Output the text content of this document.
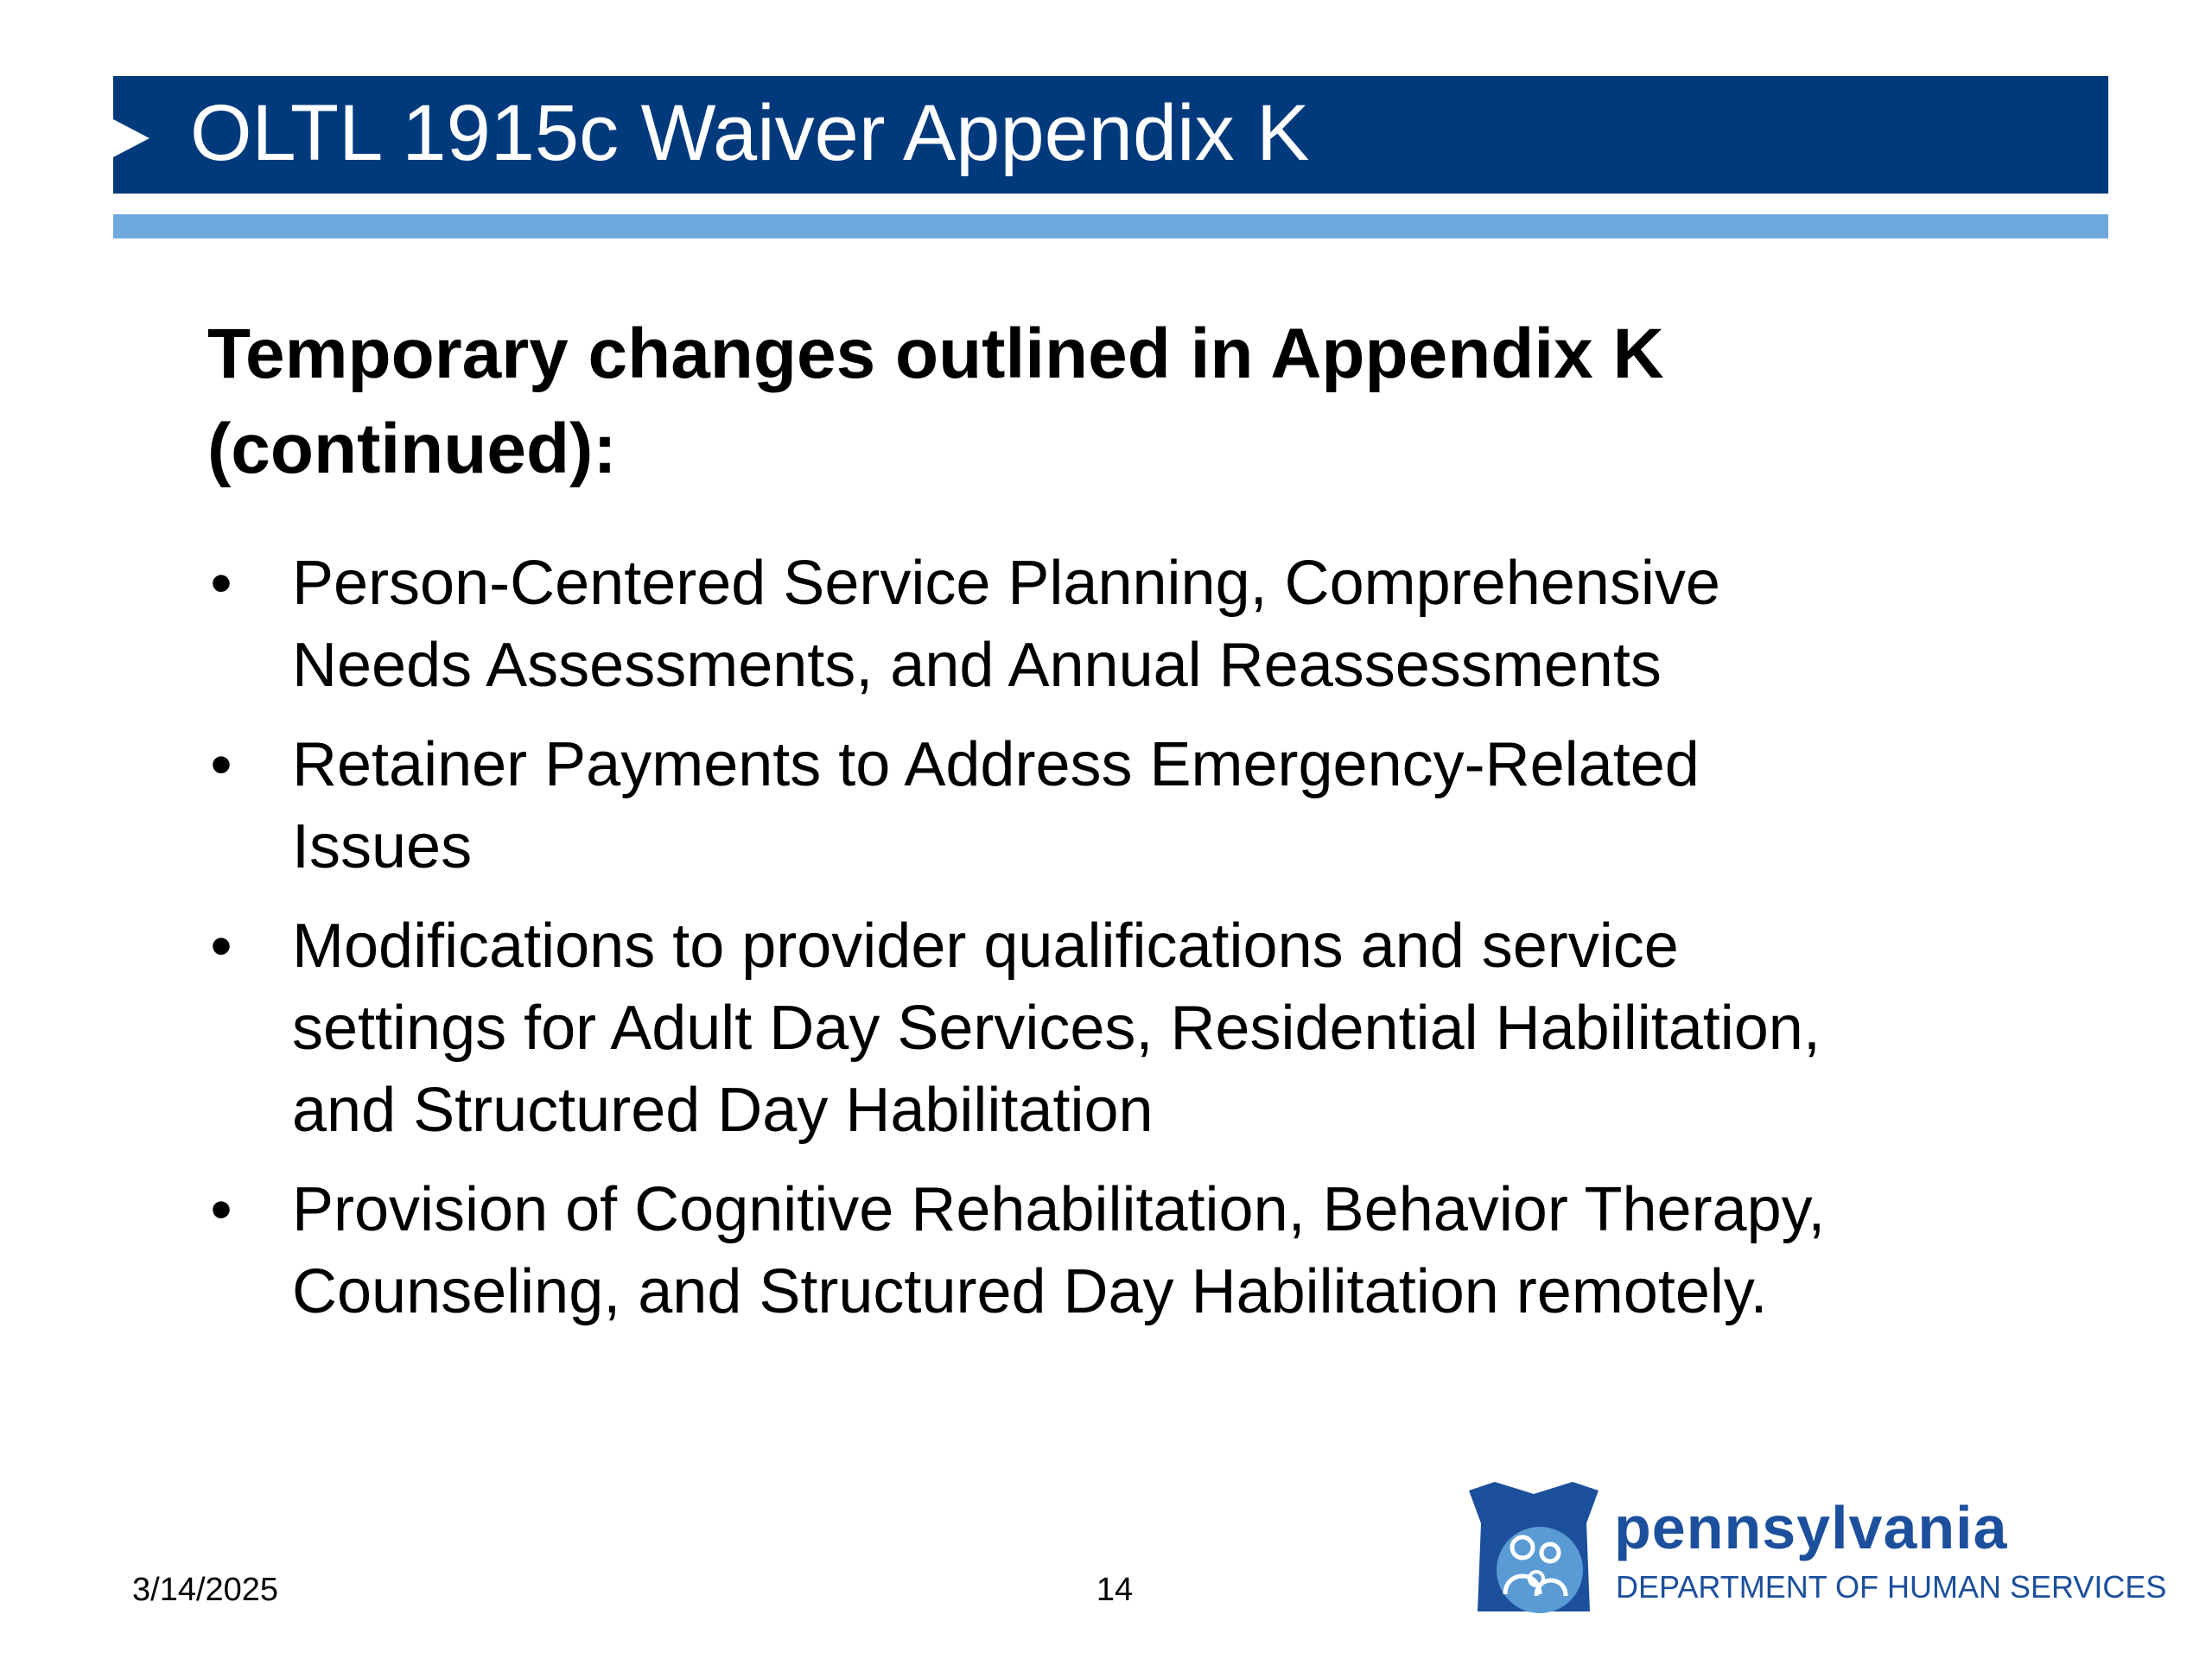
OLTL 1915c Waiver Appendix K
Temporary changes outlined in Appendix K
(continued):
• Person-Centered Service Planning, Comprehensive
Needs Assessments, and Annual Reassessments
• Retainer Payments to Address Emergency-Related
Issues
• Modifications to provider qualifications and service
settings for Adult Day Services, Residential Habilitation,
and Structured Day Habilitation
• Provision of Cognitive Rehabilitation, Behavior Therapy,
Counseling, and Structured Day Habilitation remotely.
3/14/2025	14
pennsylvania
DEPARTMENT OF HUMAN SERVICES
